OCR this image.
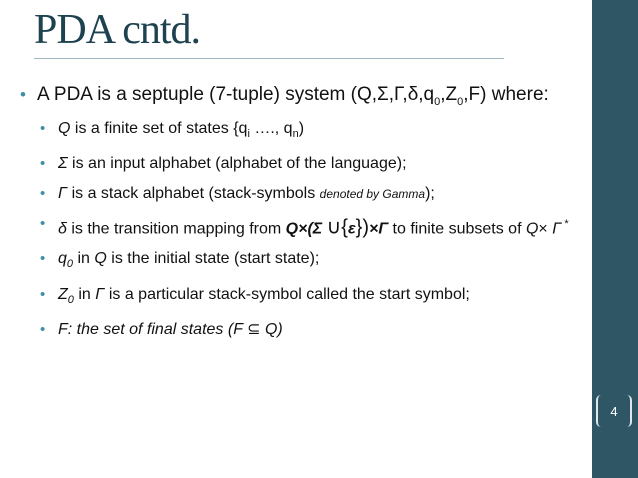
4
PDA cntd.
• A PDA is a septuple (7-tuple) system $(Q,\Sigma,\Gamma,\delta,q_0,Z_0,F)$ where:
• Q is a finite set of states {$q_i$ …., $q_n$)
• Σ is an input alphabet (alphabet of the language);
• Γ is a stack alphabet (stack-symbols denoted by Gamma);
• δ is the transition mapping from Q×(Σ ∪{ε})×Γ to finite subsets of Q× Γ *
• $q_0$ in Q is the initial state (start state);
• $Z_0$ in Γ is a particular stack-symbol called the start symbol;
• F: the set of final states (F ⊆ Q)
